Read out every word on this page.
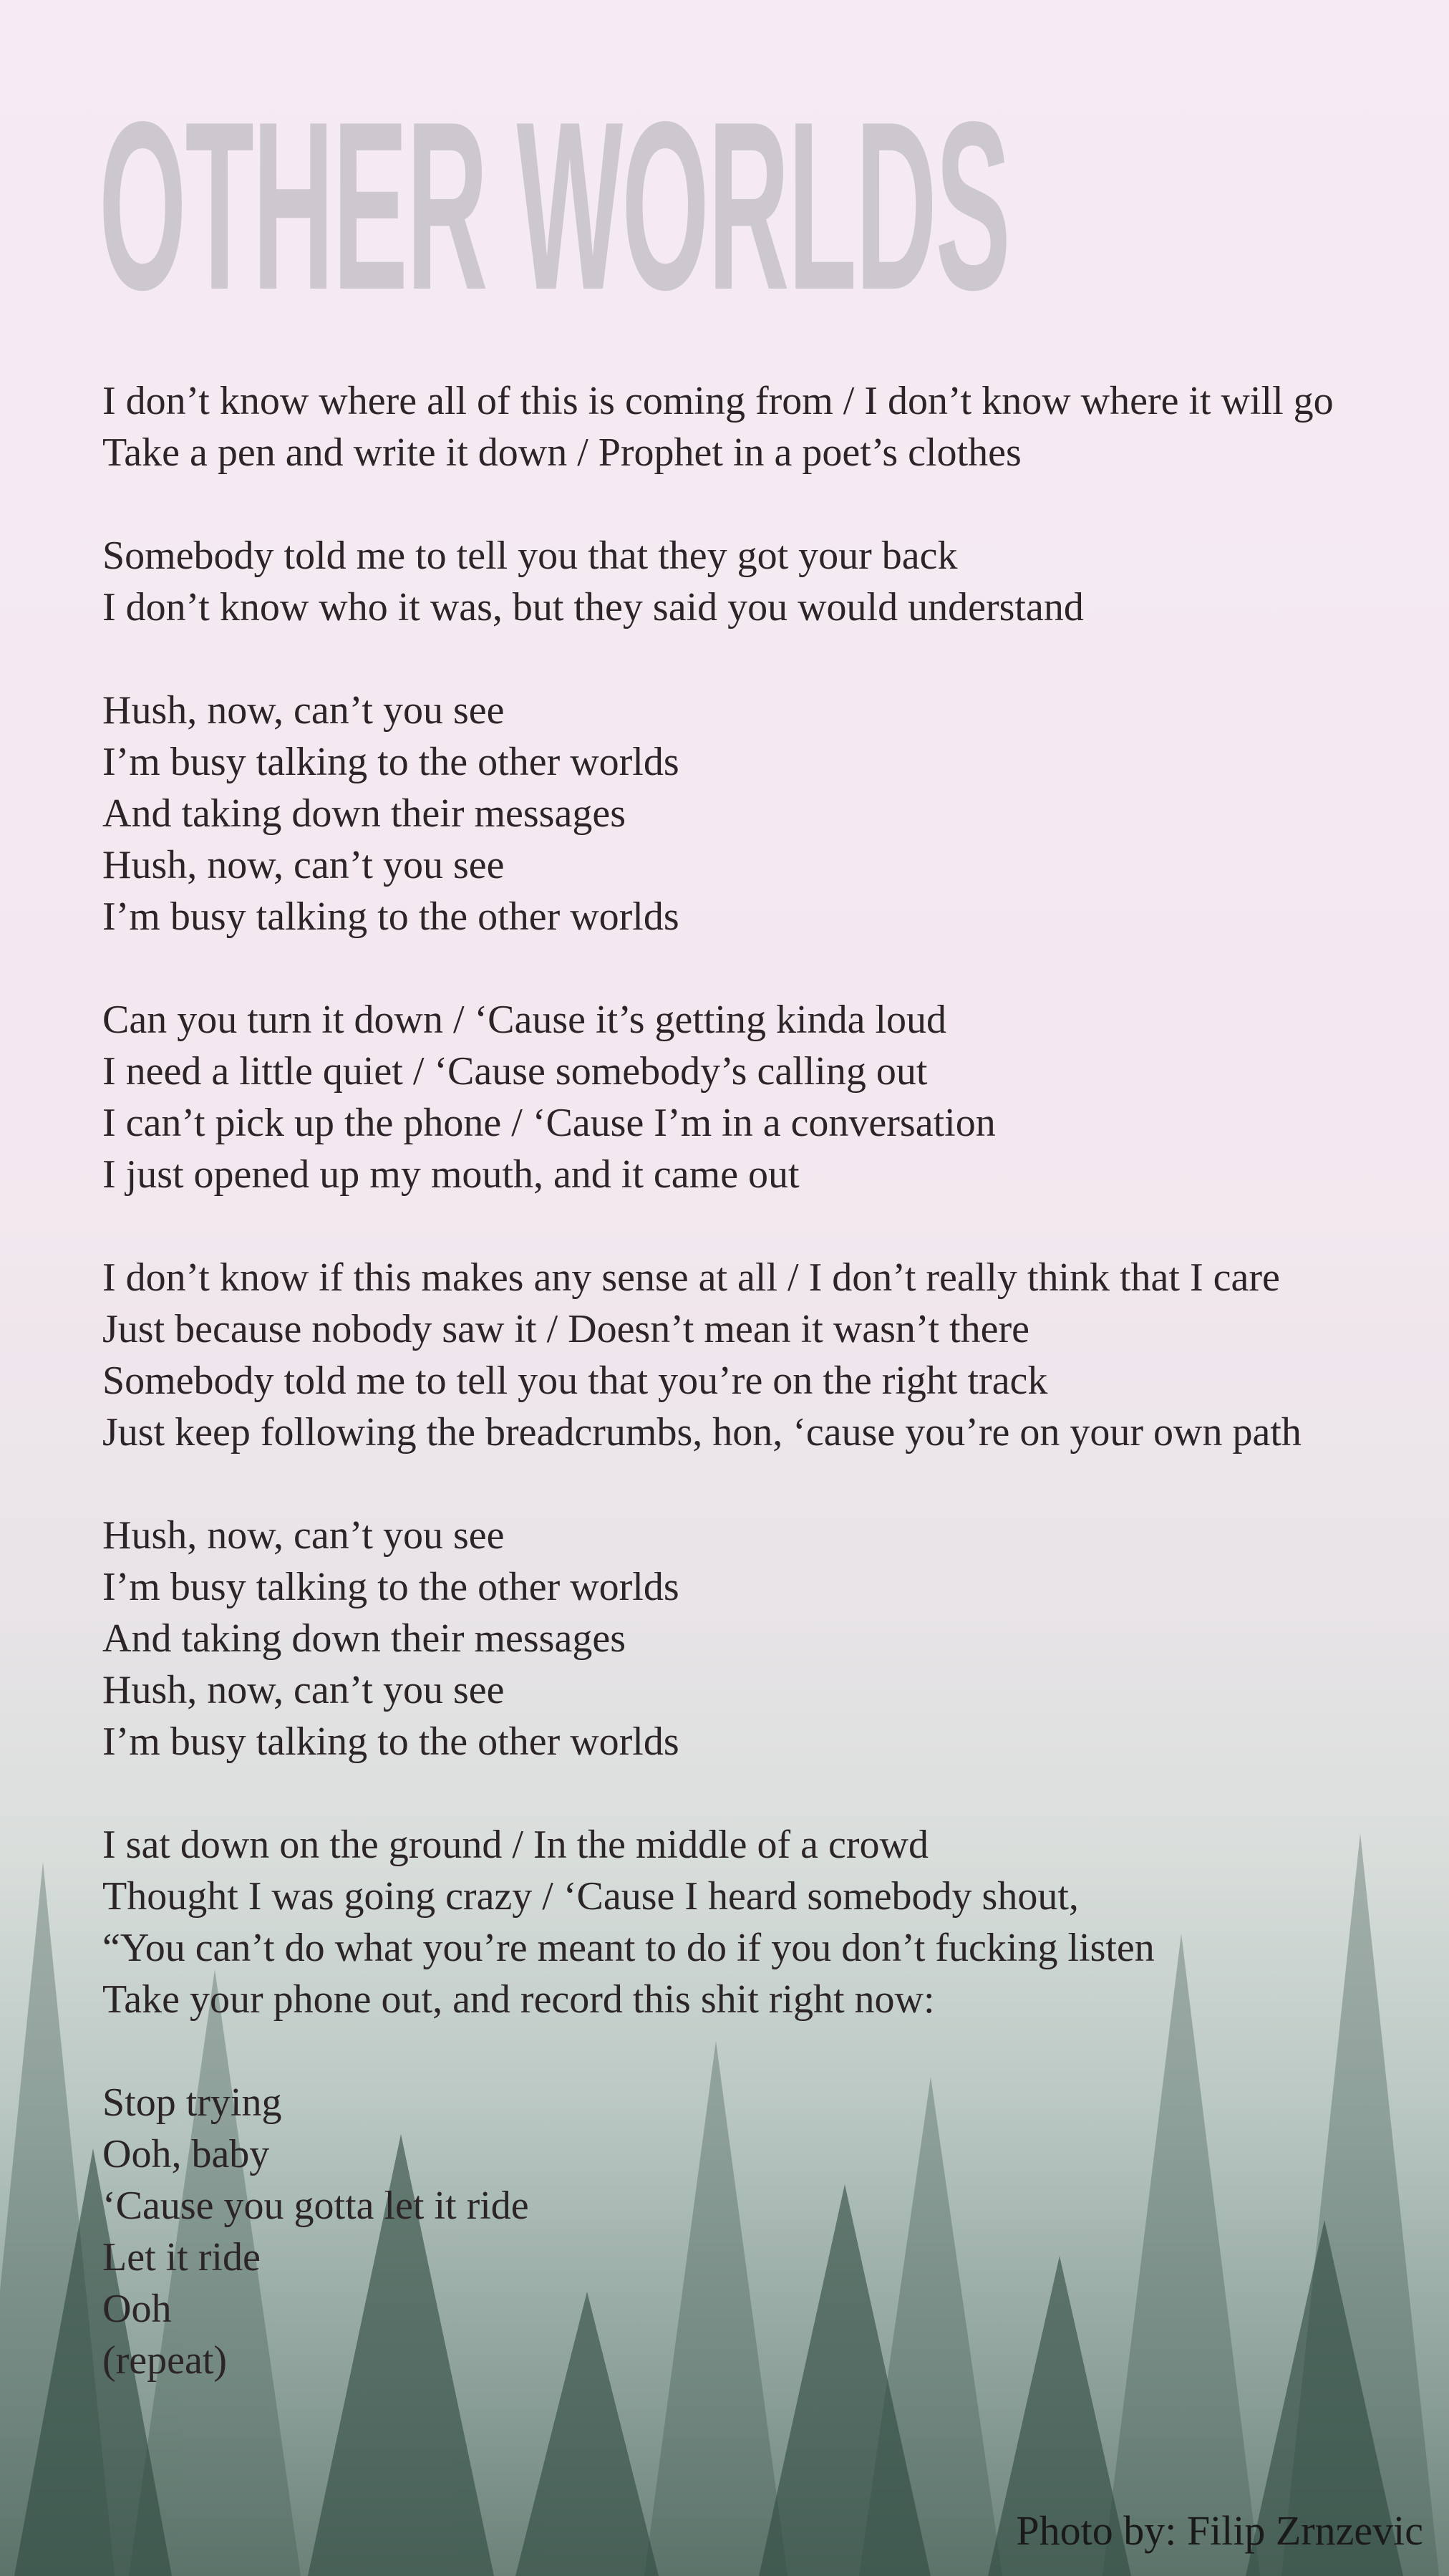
OTHER WORLDS
I don’t know where all of this is coming from / I don’t know where it will go
Take a pen and write it down / Prophet in a poet’s clothes
Somebody told me to tell you that they got your back
I don’t know who it was, but they said you would understand
Hush, now, can’t you see
I’m busy talking to the other worlds
And taking down their messages
Hush, now, can’t you see
I’m busy talking to the other worlds
Can you turn it down / ‘Cause it’s getting kinda loud
I need a little quiet / ‘Cause somebody’s calling out
I can’t pick up the phone / ‘Cause I’m in a conversation
I just opened up my mouth, and it came out
I don’t know if this makes any sense at all / I don’t really think that I care
Just because nobody saw it / Doesn’t mean it wasn’t there
Somebody told me to tell you that you’re on the right track
Just keep following the breadcrumbs, hon, ‘cause you’re on your own path
Hush, now, can’t you see
I’m busy talking to the other worlds
And taking down their messages
Hush, now, can’t you see
I’m busy talking to the other worlds
I sat down on the ground / In the middle of a crowd
Thought I was going crazy / ‘Cause I heard somebody shout,
“You can’t do what you’re meant to do if you don’t fucking listen
Take your phone out, and record this shit right now:
Stop trying
Ooh, baby
‘Cause you gotta let it ride
Let it ride
Ooh
(repeat)
Photo by: Filip Zrnzevic
